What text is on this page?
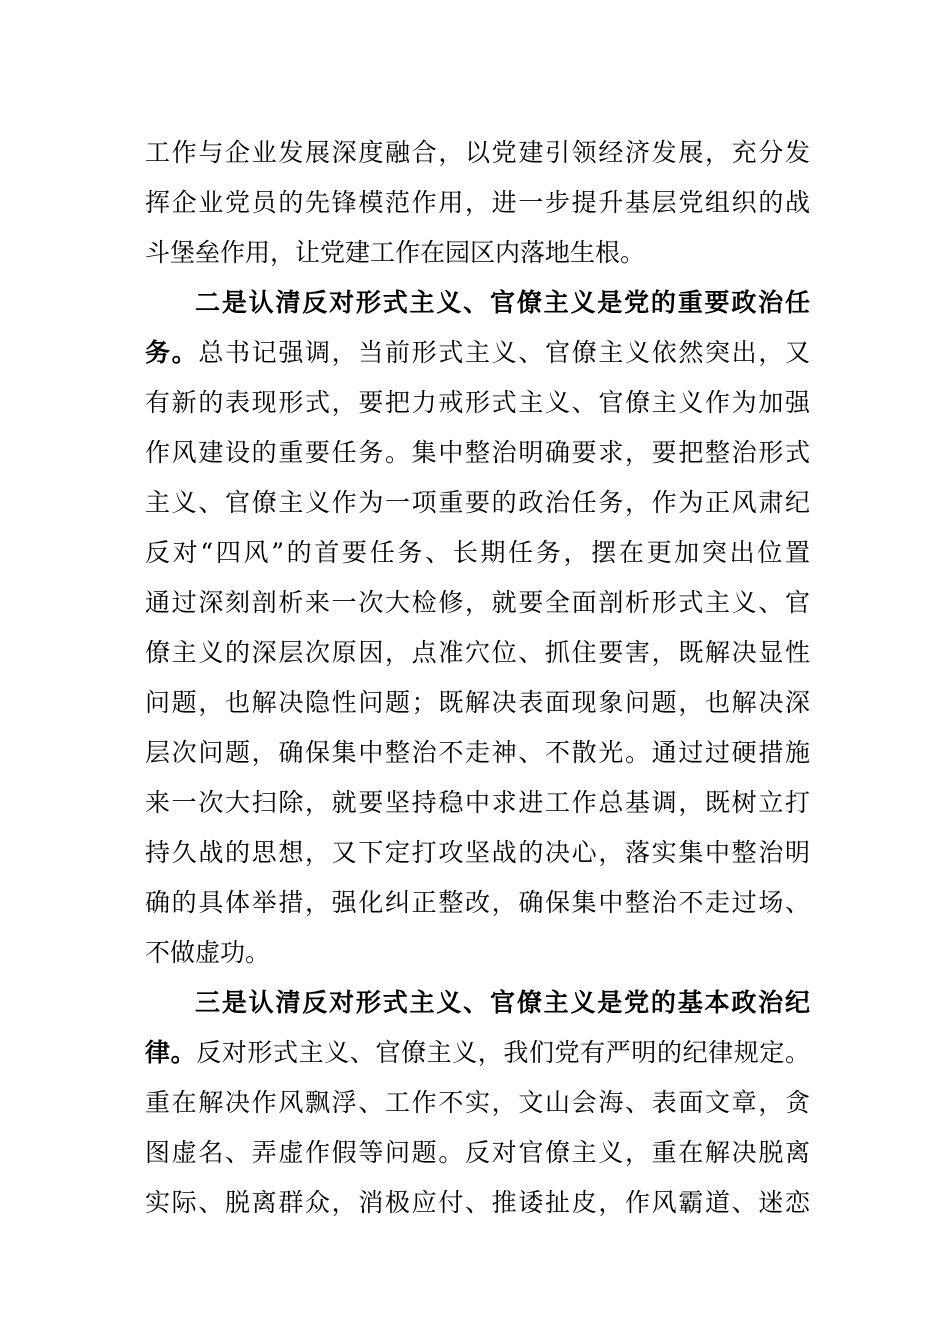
工作与企业发展深度融合，以党建引领经济发展，充分发
挥企业党员的先锋模范作用，进一步提升基层党组织的战
斗堡垒作用，让党建工作在园区内落地生根。
二是认清反对形式主义、官僚主义是党的重要政治任
务。总书记强调，当前形式主义、官僚主义依然突出，又
有新的表现形式，要把力戒形式主义、官僚主义作为加强
作风建设的重要任务。集中整治明确要求，要把整治形式
主义、官僚主义作为一项重要的政治任务，作为正风肃纪
反对“四风”的首要任务、长期任务，摆在更加突出位置
通过深刻剖析来一次大检修，就要全面剖析形式主义、官
僚主义的深层次原因，点准穴位、抓住要害，既解决显性
问题，也解决隐性问题；既解决表面现象问题，也解决深
层次问题，确保集中整治不走神、不散光。通过过硬措施
来一次大扫除，就要坚持稳中求进工作总基调，既树立打
持久战的思想，又下定打攻坚战的决心，落实集中整治明
确的具体举措，强化纠正整改，确保集中整治不走过场、
不做虚功。
三是认清反对形式主义、官僚主义是党的基本政治纪
律。反对形式主义、官僚主义，我们党有严明的纪律规定。
重在解决作风飘浮、工作不实，文山会海、表面文章，贪
图虚名、弄虚作假等问题。反对官僚主义，重在解决脱离
实际、脱离群众，消极应付、推诿扯皮，作风霸道、迷恋
